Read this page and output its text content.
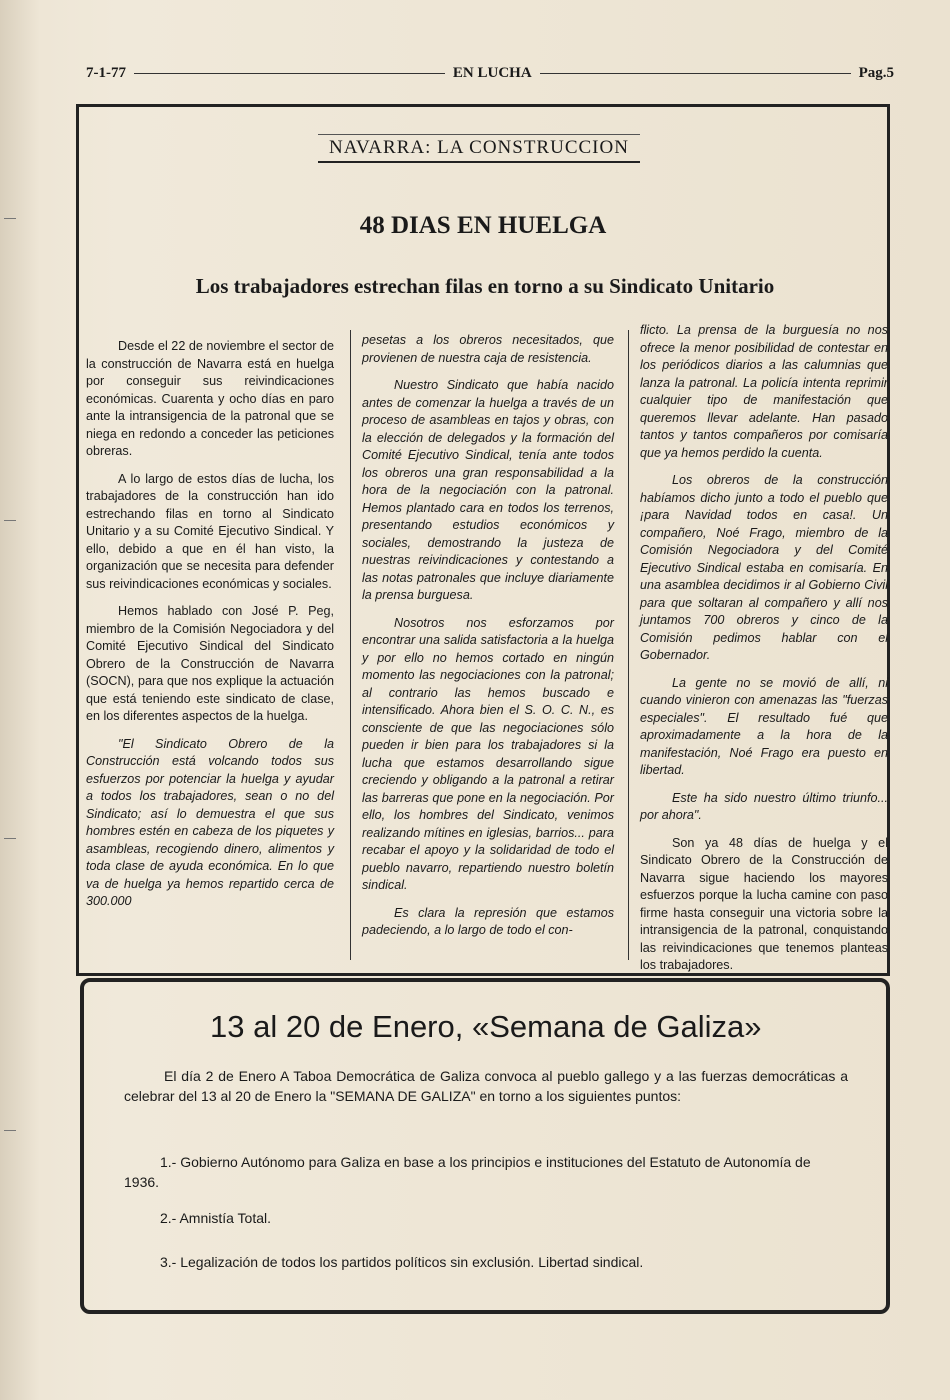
7-1-77	EN LUCHA	Pag.5
NAVARRA: LA CONSTRUCCION
48 DIAS EN HUELGA
Los trabajadores estrechan filas en torno a su Sindicato Unitario

Desde el 22 de noviembre el sector de la construcción de Navarra está en huelga por conseguir sus reivindicaciones económicas. Cuarenta y ocho días en paro ante la intransigencia de la patronal que se niega en redondo a conceder las peticiones obreras.

A lo largo de estos días de lucha, los trabajadores de la construcción han ido estrechando filas en torno al Sindicato Unitario y a su Comité Ejecutivo Sindical. Y ello, debido a que en él han visto, la organización que se necesita para defender sus reivindicaciones económicas y sociales.

Hemos hablado con José P. Peg, miembro de la Comisión Negociadora y del Comité Ejecutivo Sindical del Sindicato Obrero de la Construcción de Navarra (SOCN), para que nos explique la actuación que está teniendo este sindicato de clase, en los diferentes aspectos de la huelga.

"El Sindicato Obrero de la Construcción está volcando todos sus esfuerzos por potenciar la huelga y ayudar a todos los trabajadores, sean o no del Sindicato; así lo demuestra el que sus hombres estén en cabeza de los piquetes y asambleas, recogiendo dinero, alimentos y toda clase de ayuda económica. En lo que va de huelga ya hemos repartido cerca de 300.000

pesetas a los obreros necesitados, que provienen de nuestra caja de resistencia.

Nuestro Sindicato que había nacido antes de comenzar la huelga a través de un proceso de asambleas en tajos y obras, con la elección de delegados y la formación del Comité Ejecutivo Sindical, tenía ante todos los obreros una gran responsabilidad a la hora de la negociación con la patronal. Hemos plantado cara en todos los terrenos, presentando estudios económicos y sociales, demostrando la justeza de nuestras reivindicaciones y contestando a las notas patronales que incluye diariamente la prensa burguesa.

Nosotros nos esforzamos por encontrar una salida satisfactoria a la huelga y por ello no hemos cortado en ningún momento las negociaciones con la patronal; al contrario las hemos buscado e intensificado. Ahora bien el S. O. C. N., es consciente de que las negociaciones sólo pueden ir bien para los trabajadores si la lucha que estamos desarrollando sigue creciendo y obligando a la patronal a retirar las barreras que pone en la negociación. Por ello, los hombres del Sindicato, venimos realizando mítines en iglesias, barrios... para recabar el apoyo y la solidaridad de todo el pueblo navarro, repartiendo nuestro boletín sindical.

Es clara la represión que estamos padeciendo, a lo largo de todo el con-

flicto. La prensa de la burguesía no nos ofrece la menor posibilidad de contestar en los periódicos diarios a las calumnias que lanza la patronal. La policía intenta reprimir cualquier tipo de manifestación que queremos llevar adelante. Han pasado tantos y tantos compañeros por comisaría que ya hemos perdido la cuenta.

Los obreros de la construcción habíamos dicho junto a todo el pueblo que ¡para Navidad todos en casa!. Un compañero, Noé Frago, miembro de la Comisión Negociadora y del Comité Ejecutivo Sindical estaba en comisaría. En una asamblea decidimos ir al Gobierno Civil para que soltaran al compañero y allí nos juntamos 700 obreros y cinco de la Comisión pedimos hablar con el Gobernador.

La gente no se movió de allí, ni cuando vinieron con amenazas las "fuerzas especiales". El resultado fué que aproximadamente a la hora de la manifestación, Noé Frago era puesto en libertad.

Este ha sido nuestro último triunfo... por ahora".

Son ya 48 días de huelga y el Sindicato Obrero de la Construcción de Navarra sigue haciendo los mayores esfuerzos porque la lucha camine con paso firme hasta conseguir una victoria sobre la intransigencia de la patronal, conquistando las reivindicaciones que tenemos planteas los trabajadores.

13 al 20 de Enero, «Semana de Galiza»

El día 2 de Enero A Taboa Democrática de Galiza convoca al pueblo gallego y a las fuerzas democráticas a celebrar del 13 al 20 de Enero la "SEMANA DE GALIZA" en torno a los siguientes puntos:

1.- Gobierno Autónomo para Galiza en base a los principios e instituciones del Estatuto de Autonomía de 1936.

2.- Amnistía Total.

3.- Legalización de todos los partidos políticos sin exclusión. Libertad sindical.
